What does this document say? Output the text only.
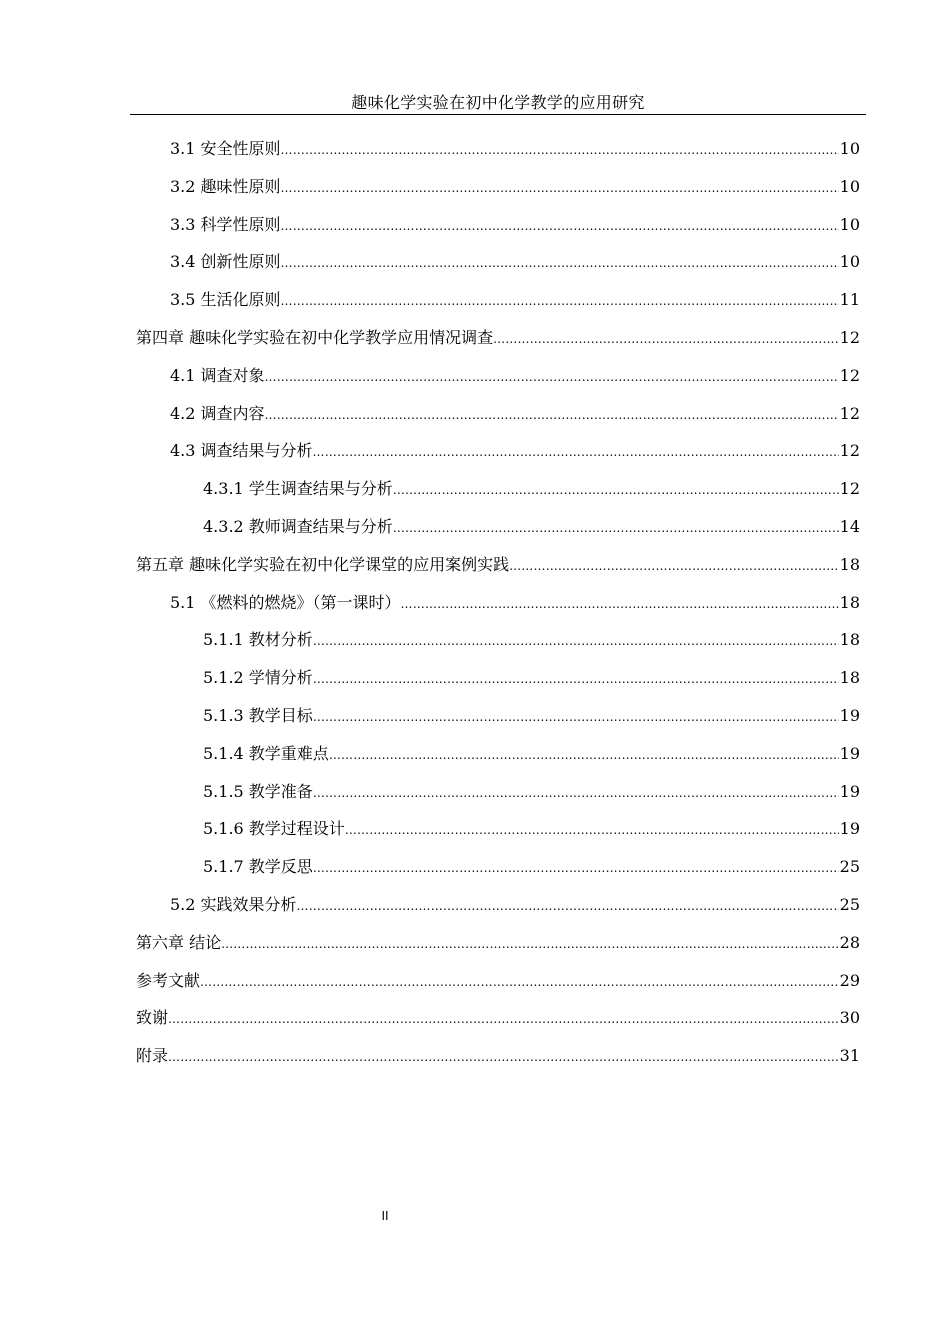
趣味化学实验在初中化学教学的应用研究
3.1 安全性原则 ………………………………………………………………………………………………………………………………………………………………………………………………………………………………………………	10
3.2 趣味性原则 ………………………………………………………………………………………………………………………………………………………………………………………………………………………………………………	10
3.3 科学性原则 ………………………………………………………………………………………………………………………………………………………………………………………………………………………………………………	10
3.4 创新性原则 ………………………………………………………………………………………………………………………………………………………………………………………………………………………………………………	10
3.5 生活化原则 ………………………………………………………………………………………………………………………………………………………………………………………………………………………………………………	11
第四章 趣味化学实验在初中化学教学应用情况调查 ………………………………………………………………………………………………………………………………………………………………………………………………………………………………………………	12
4.1 调查对象 ………………………………………………………………………………………………………………………………………………………………………………………………………………………………………………	12
4.2 调查内容 ………………………………………………………………………………………………………………………………………………………………………………………………………………………………………………	12
4.3 调查结果与分析 ………………………………………………………………………………………………………………………………………………………………………………………………………………………………………………	12
4.3.1 学生调查结果与分析 ………………………………………………………………………………………………………………………………………………………………………………………………………………………………………………	12
4.3.2 教师调查结果与分析 ………………………………………………………………………………………………………………………………………………………………………………………………………………………………………………	14
第五章 趣味化学实验在初中化学课堂的应用案例实践 ………………………………………………………………………………………………………………………………………………………………………………………………………………………………………………	18
5.1 《燃料的燃烧》（第一课时） ………………………………………………………………………………………………………………………………………………………………………………………………………………………………………………	18
5.1.1 教材分析 ………………………………………………………………………………………………………………………………………………………………………………………………………………………………………………	18
5.1.2 学情分析 ………………………………………………………………………………………………………………………………………………………………………………………………………………………………………………	18
5.1.3 教学目标 ………………………………………………………………………………………………………………………………………………………………………………………………………………………………………………	19
5.1.4 教学重难点 ………………………………………………………………………………………………………………………………………………………………………………………………………………………………………………	19
5.1.5 教学准备 ………………………………………………………………………………………………………………………………………………………………………………………………………………………………………………	19
5.1.6 教学过程设计 ………………………………………………………………………………………………………………………………………………………………………………………………………………………………………………	19
5.1.7 教学反思 ………………………………………………………………………………………………………………………………………………………………………………………………………………………………………………	25
5.2 实践效果分析 ………………………………………………………………………………………………………………………………………………………………………………………………………………………………………………	25
第六章 结论 ………………………………………………………………………………………………………………………………………………………………………………………………………………………………………………	28
参考文献 ………………………………………………………………………………………………………………………………………………………………………………………………………………………………………………	29
致谢 ………………………………………………………………………………………………………………………………………………………………………………………………………………………………………………	30
附录 ………………………………………………………………………………………………………………………………………………………………………………………………………………………………………………	31
II
